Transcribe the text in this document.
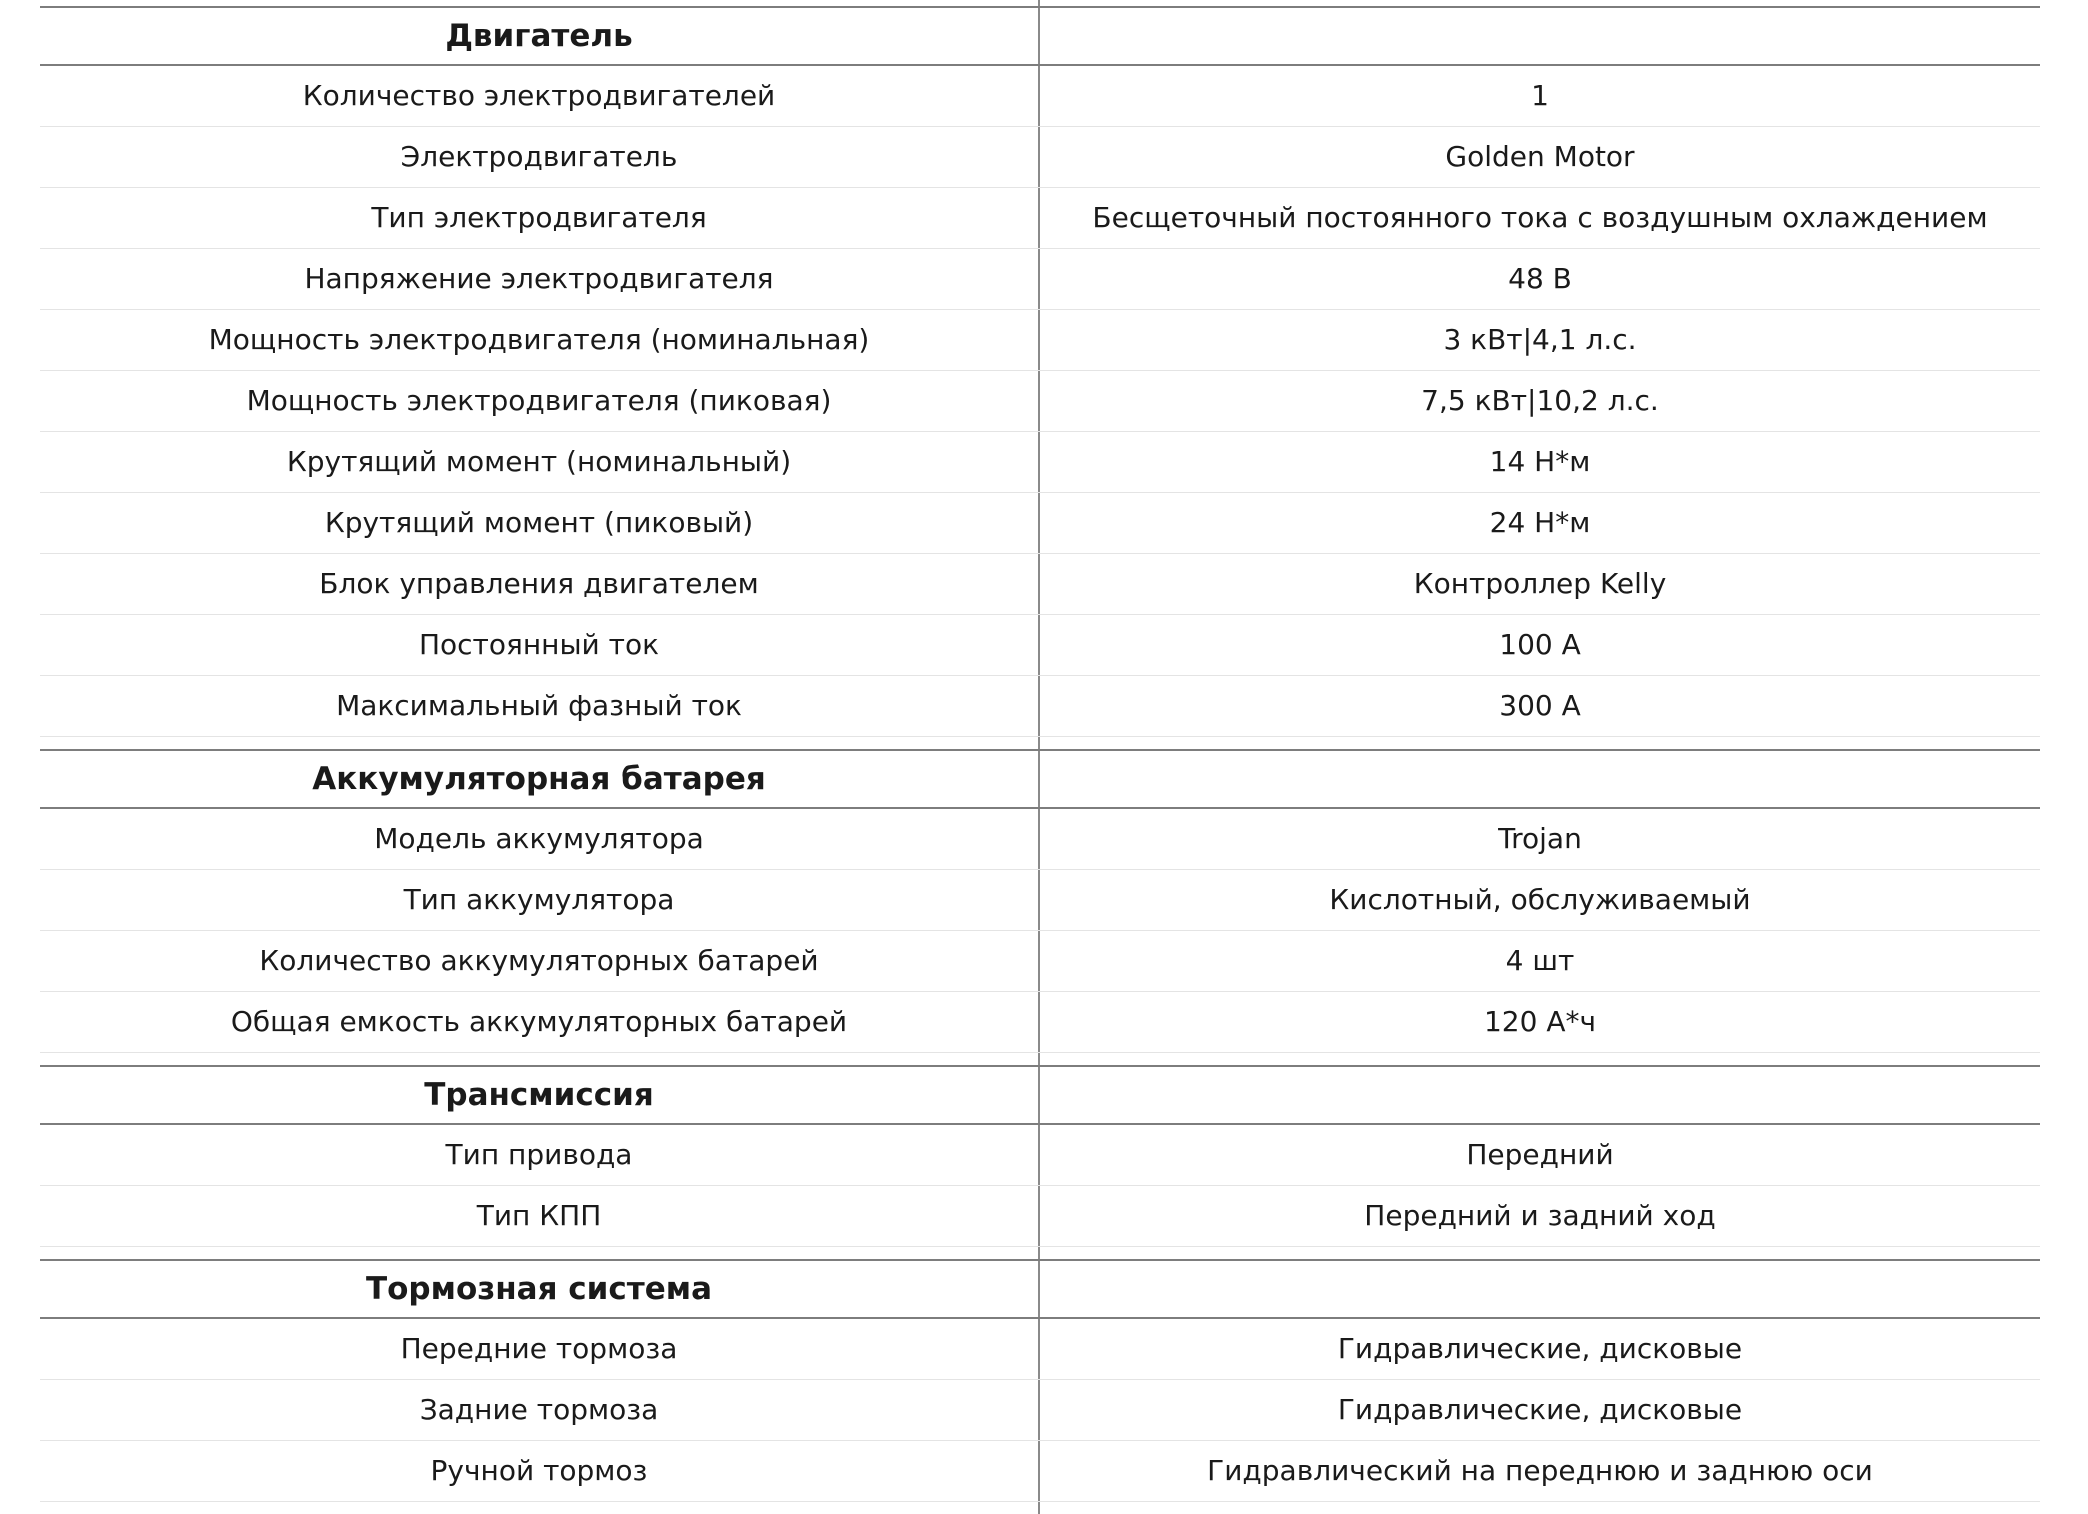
Двигатель
Количество электродвигателей	1
Электродвигатель	Golden Motor
Тип электродвигателя	Бесщеточный постоянного тока с воздушным охлаждением
Напряжение электродвигателя	48 В
Мощность электродвигателя (номинальная)	3 кВт|4,1 л.с.
Мощность электродвигателя (пиковая)	7,5 кВт|10,2 л.с.
Крутящий момент (номинальный)	14 Н*м
Крутящий момент (пиковый)	24 Н*м
Блок управления двигателем	Контроллер Kelly
Постоянный ток	100 А
Максимальный фазный ток	300 А
Аккумуляторная батарея
Модель аккумулятора	Trojan
Тип аккумулятора	Кислотный, обслуживаемый
Количество аккумуляторных батарей	4 шт
Общая емкость аккумуляторных батарей	120 А*ч
Трансмиссия
Тип привода	Передний
Тип КПП	Передний и задний ход
Тормозная система
Передние тормоза	Гидравлические, дисковые
Задние тормоза	Гидравлические, дисковые
Ручной тормоз	Гидравлический на переднюю и заднюю оси
